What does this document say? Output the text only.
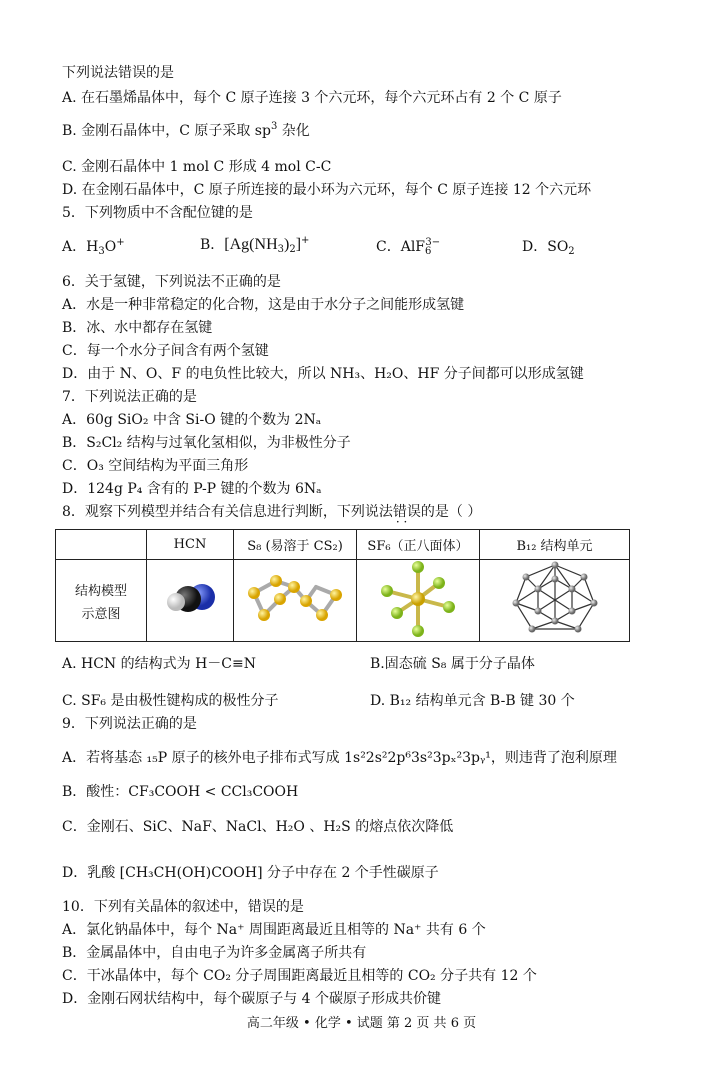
下列说法错误的是
A. 在石墨烯晶体中，每个 C 原子连接 3 个六元环，每个六元环占有 2 个 C 原子
B. 金刚石晶体中，C 原子采取 $sp^3$ 杂化
C. 金刚石晶体中 1 mol C 形成 4 mol C-C
D. 在金刚石晶体中，C 原子所连接的最小环为六元环，每个 C 原子连接 12 个六元环
5．下列物质中不含配位键的是
A．$H_3O^+$	B．$[Ag(NH_3)_2]^+$	C．AlF$_6^{3-}$	D．$SO_2$
6．关于氢键，下列说法不正确的是
A．水是一种非常稳定的化合物，这是由于水分子之间能形成氢键
B．冰、水中都存在氢键
C．每一个水分子间含有两个氢键
D．由于 N、O、F 的电负性比较大，所以 NH₃、H₂O、HF 分子间都可以形成氢键
7．下列说法正确的是
A．60g SiO₂ 中含 Si-O 键的个数为 2Nₐ
B．S₂Cl₂ 结构与过氧化氢相似，为非极性分子
C．O₃ 空间结构为平面三角形
D．124g P₄ 含有的 P-P 键的个数为 6Nₐ
8．观察下列模型并结合有关信息进行判断，下列说法错误 · ·的是（ ）
	HCN	S₈ (易溶于 CS₂)	SF₆（正八面体）	B₁₂ 结构单元

结构模型
示意图

A. HCN 的结构式为 H－C≡N	B.固态硫 S₈ 属于分子晶体
C. SF₆ 是由极性键构成的极性分子	D. B₁₂ 结构单元含 B-B 键 30 个
9．下列说法正确的是
A．若将基态 ₁₅P 原子的核外电子排布式写成 1s²2s²2p⁶3s²3pₓ²3pᵧ¹，则违背了泡利原理
B．酸性：CF₃COOH < CCl₃COOH
C．金刚石、SiC、NaF、NaCl、H₂O 、H₂S 的熔点依次降低
D．乳酸 [CH₃CH(OH)COOH] 分子中存在 2 个手性碳原子
10．下列有关晶体的叙述中，错误的是
A．氯化钠晶体中，每个 Na⁺ 周围距离最近且相等的 Na⁺ 共有 6 个
B．金属晶体中，自由电子为许多金属离子所共有
C．干冰晶体中，每个 CO₂ 分子周围距离最近且相等的 CO₂ 分子共有 12 个
D．金刚石网状结构中，每个碳原子与 4 个碳原子形成共价键
高二年级 • 化学 • 试题 第 2 页 共 6 页
